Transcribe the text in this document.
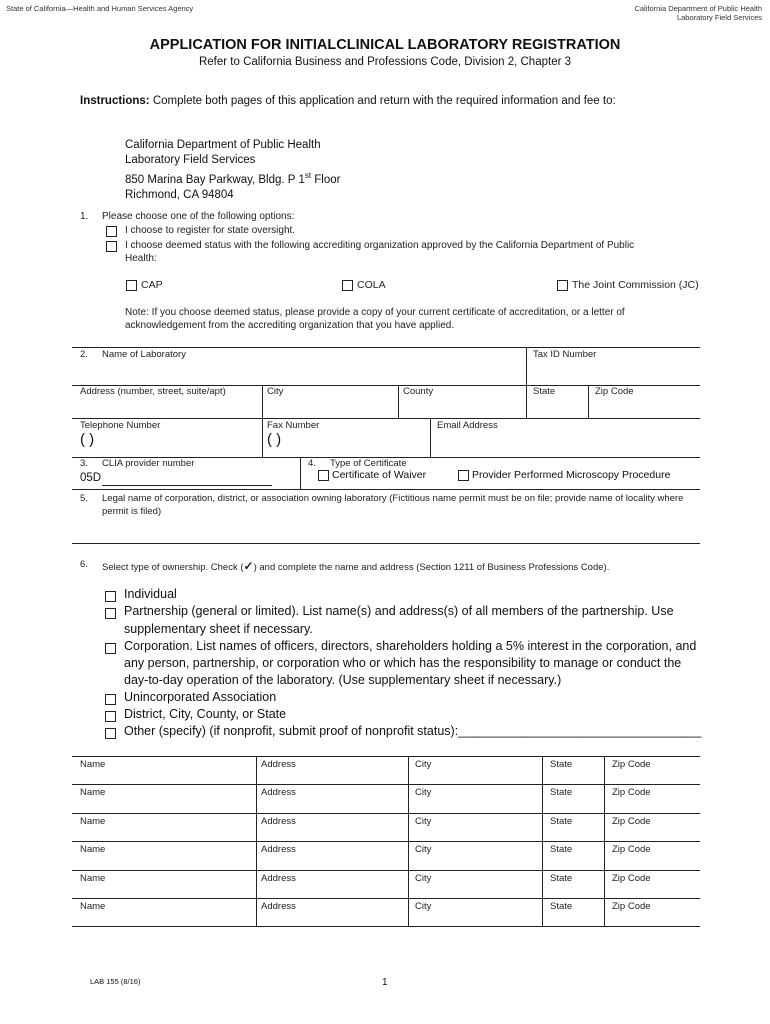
State of California—Health and Human Services Agency	California Department of Public Health
Laboratory Field Services
APPLICATION FOR INITIALCLINICAL LABORATORY REGISTRATION
Refer to California Business and Professions Code, Division 2, Chapter 3
Instructions: Complete both pages of this application and return with the required information and fee to:
California Department of Public Health
Laboratory Field Services
850 Marina Bay Parkway, Bldg. P 1st Floor
Richmond, CA 94804
1. Please choose one of the following options:
I choose to register for state oversight.
I choose deemed status with the following accrediting organization approved by the California Department of Public
Health:
CAP	COLA	The Joint Commission (JC)
Note: If you choose deemed status, please provide a copy of your current certificate of accreditation, or a letter of
acknowledgement from the accrediting organization that you have applied.
2. Name of Laboratory	Tax ID Number
Address (number, street, suite/apt)	City	County	State	Zip Code
Telephone Number
( )
Fax Number
( )
Email Address
3. CLIA provider number
05D
4. Type of Certificate
Certificate of Waiver	Provider Performed Microscopy Procedure
5. Legal name of corporation, district, or association owning laboratory (Fictitious name permit must be on file; provide name of locality where
permit is filed)
6. Select type of ownership. Check (✓) and complete the name and address (Section 1211 of Business Professions Code).
Individual
Partnership (general or limited). List name(s) and address(s) of all members of the partnership. Use
supplementary sheet if necessary.
Corporation. List names of officers, directors, shareholders holding a 5% interest in the corporation, and
any person, partnership, or corporation who or which has the responsibility to manage or conduct the
day-to-day operation of the laboratory. (Use supplementary sheet if necessary.)
Unincorporated Association
District, City, County, or State
Other (specify) (if nonprofit, submit proof of nonprofit status):___________________________________
Name	Address	City	State	Zip Code
Name	Address	City	State	Zip Code
Name	Address	City	State	Zip Code
Name	Address	City	State	Zip Code
Name	Address	City	State	Zip Code
Name	Address	City	State	Zip Code
LAB 155 (8/16)	1
